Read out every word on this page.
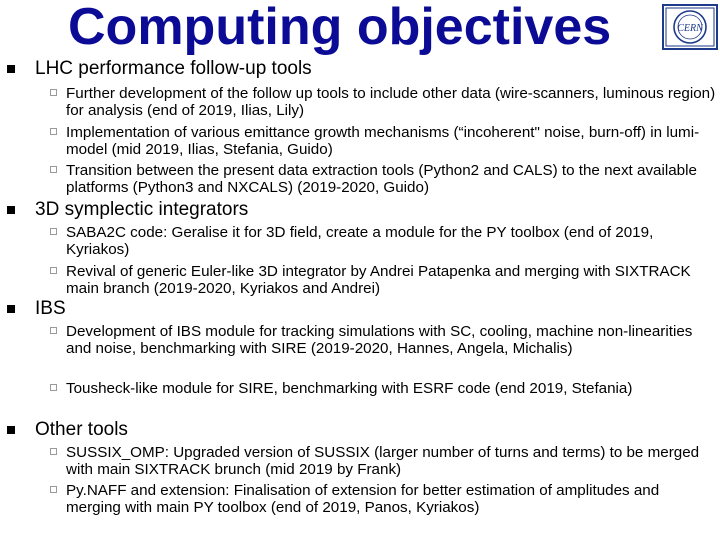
Computing objectives	CERN
LHC performance follow-up tools
Further development of the follow up tools to include other data (wire-scanners, luminous region) for analysis (end of 2019, Ilias, Lily)
Implementation of various emittance growth mechanisms (“incoherent" noise, burn-off) in lumi-model (mid 2019, Ilias, Stefania, Guido)
Transition between the present data extraction tools (Python2 and CALS) to the next available platforms (Python3 and NXCALS) (2019-2020, Guido)
3D symplectic integrators
SABA2C code: Geralise it for 3D field, create a module for the PY toolbox (end of 2019, Kyriakos)
Revival of generic Euler-like 3D integrator by Andrei Patapenka and merging with SIXTRACK main branch (2019-2020, Kyriakos and Andrei)
IBS
Development of IBS module for tracking simulations with SC, cooling, machine non-linearities and noise, benchmarking with SIRE (2019-2020, Hannes, Angela, Michalis)
Tousheck-like module for SIRE, benchmarking with ESRF code (end 2019, Stefania)
Other tools
SUSSIX_OMP: Upgraded version of SUSSIX (larger number of turns and terms) to be merged with main SIXTRACK brunch (mid 2019 by Frank)
Py.NAFF and extension: Finalisation of extension for better estimation of amplitudes and merging with main PY toolbox (end of 2019, Panos, Kyriakos)
